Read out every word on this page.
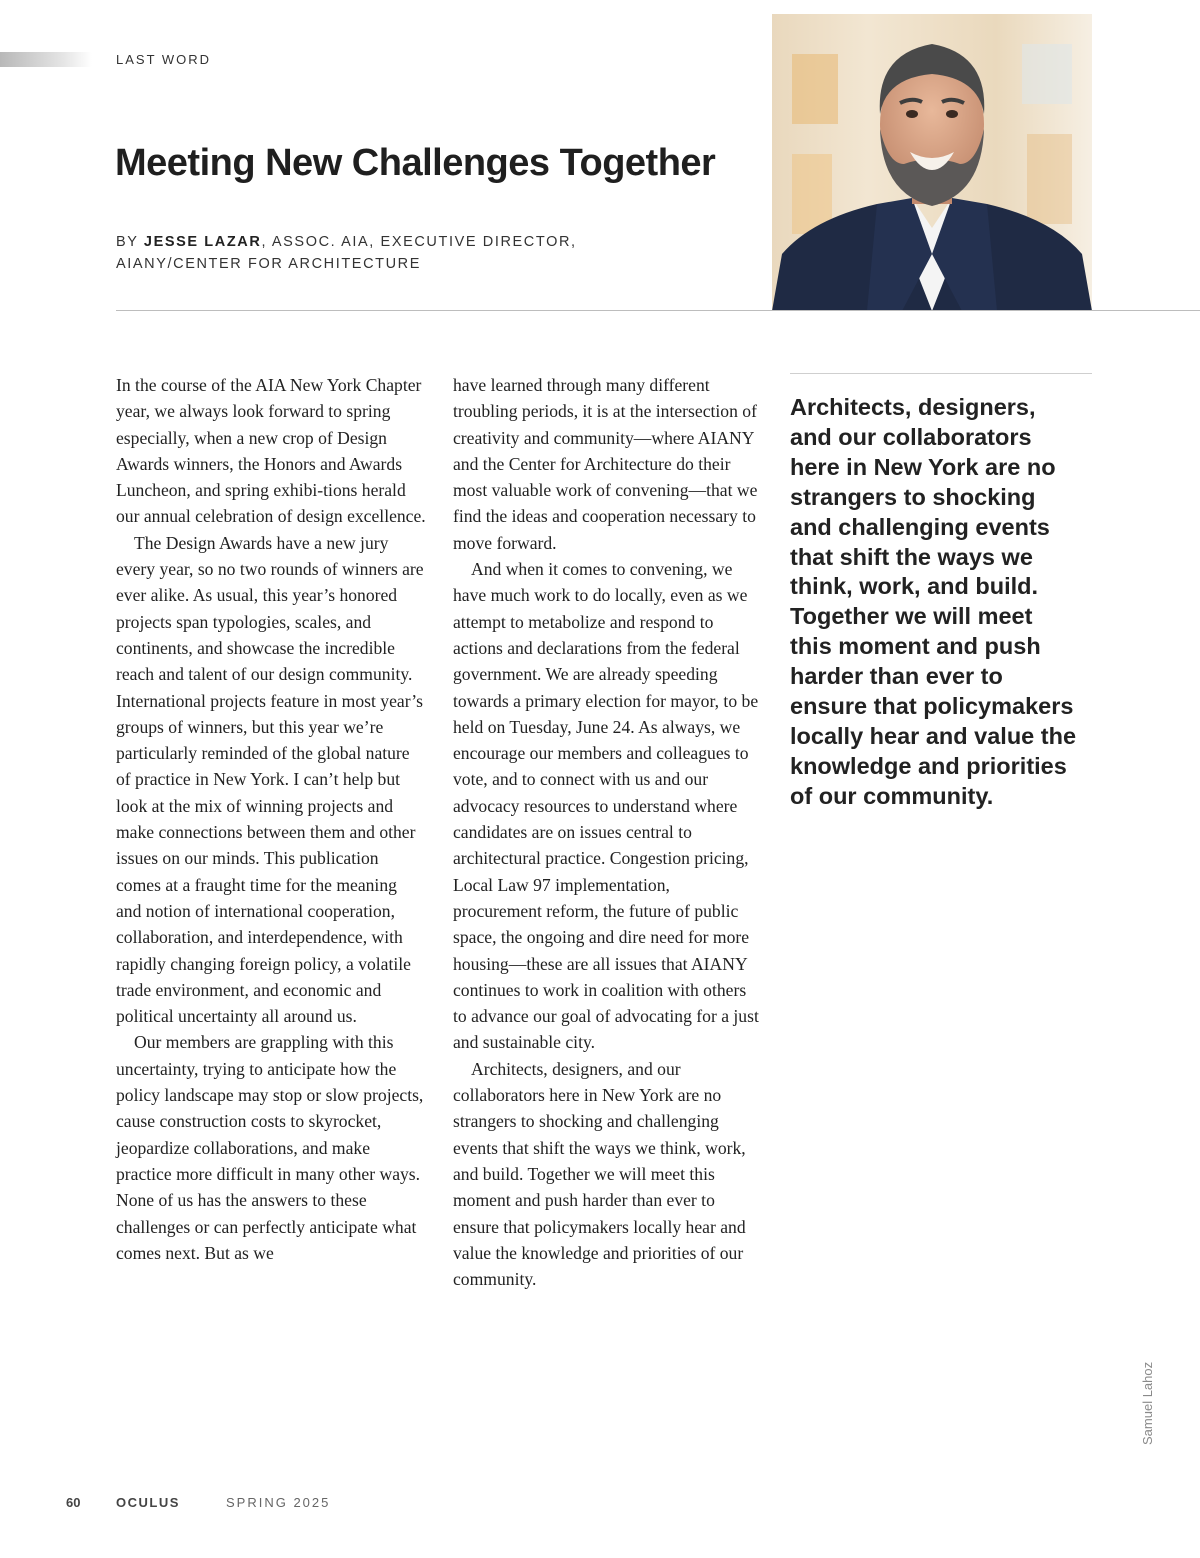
LAST WORD
Meeting New Challenges Together
BY JESSE LAZAR, ASSOC. AIA, EXECUTIVE DIRECTOR,
AIANY/CENTER FOR ARCHITECTURE

In the course of the AIA New York Chapter year, we always look forward to spring especially, when a new crop of Design Awards winners, the Honors and Awards Luncheon, and spring exhibi-tions herald our annual celebration of design excellence.

The Design Awards have a new jury every year, so no two rounds of winners are ever alike. As usual, this year’s honored projects span typologies, scales, and continents, and showcase the incredible reach and talent of our design community. International projects feature in most year’s groups of winners, but this year we’re particularly reminded of the global nature of practice in New York. I can’t help but look at the mix of winning projects and make connections between them and other issues on our minds. This publication comes at a fraught time for the meaning and notion of international cooperation, collaboration, and interdependence, with rapidly changing foreign policy, a volatile trade environment, and economic and political uncertainty all around us.

Our members are grappling with this uncertainty, trying to anticipate how the policy landscape may stop or slow projects, cause construction costs to skyrocket, jeopardize collaborations, and make practice more difficult in many other ways. None of us has the answers to these challenges or can perfectly anticipate what comes next. But as we

have learned through many different troubling periods, it is at the intersection of creativity and community—where AIANY and the Center for Architecture do their most valuable work of convening—that we find the ideas and cooperation necessary to move forward.

And when it comes to convening, we have much work to do locally, even as we attempt to metabolize and respond to actions and declarations from the federal government. We are already speeding towards a primary election for mayor, to be held on Tuesday, June 24. As always, we encourage our members and colleagues to vote, and to connect with us and our advocacy resources to understand where candidates are on issues central to architectural practice. Congestion pricing, Local Law 97 implementation, procurement reform, the future of public space, the ongoing and dire need for more housing—these are all issues that AIANY continues to work in coalition with others to advance our goal of advocating for a just and sustainable city.

Architects, designers, and our collaborators here in New York are no strangers to shocking and challenging events that shift the ways we think, work, and build. Together we will meet this moment and push harder than ever to ensure that policymakers locally hear and value the knowledge and priorities of our community.

Architects, designers, and our collaborators here in New York are no strangers to shocking and challenging events that shift the ways we think, work, and build. Together we will meet this moment and push harder than ever to ensure that policymakers locally hear and value the knowledge and priorities of our community.

Samuel Lahoz
60	OCULUS	SPRING 2025
